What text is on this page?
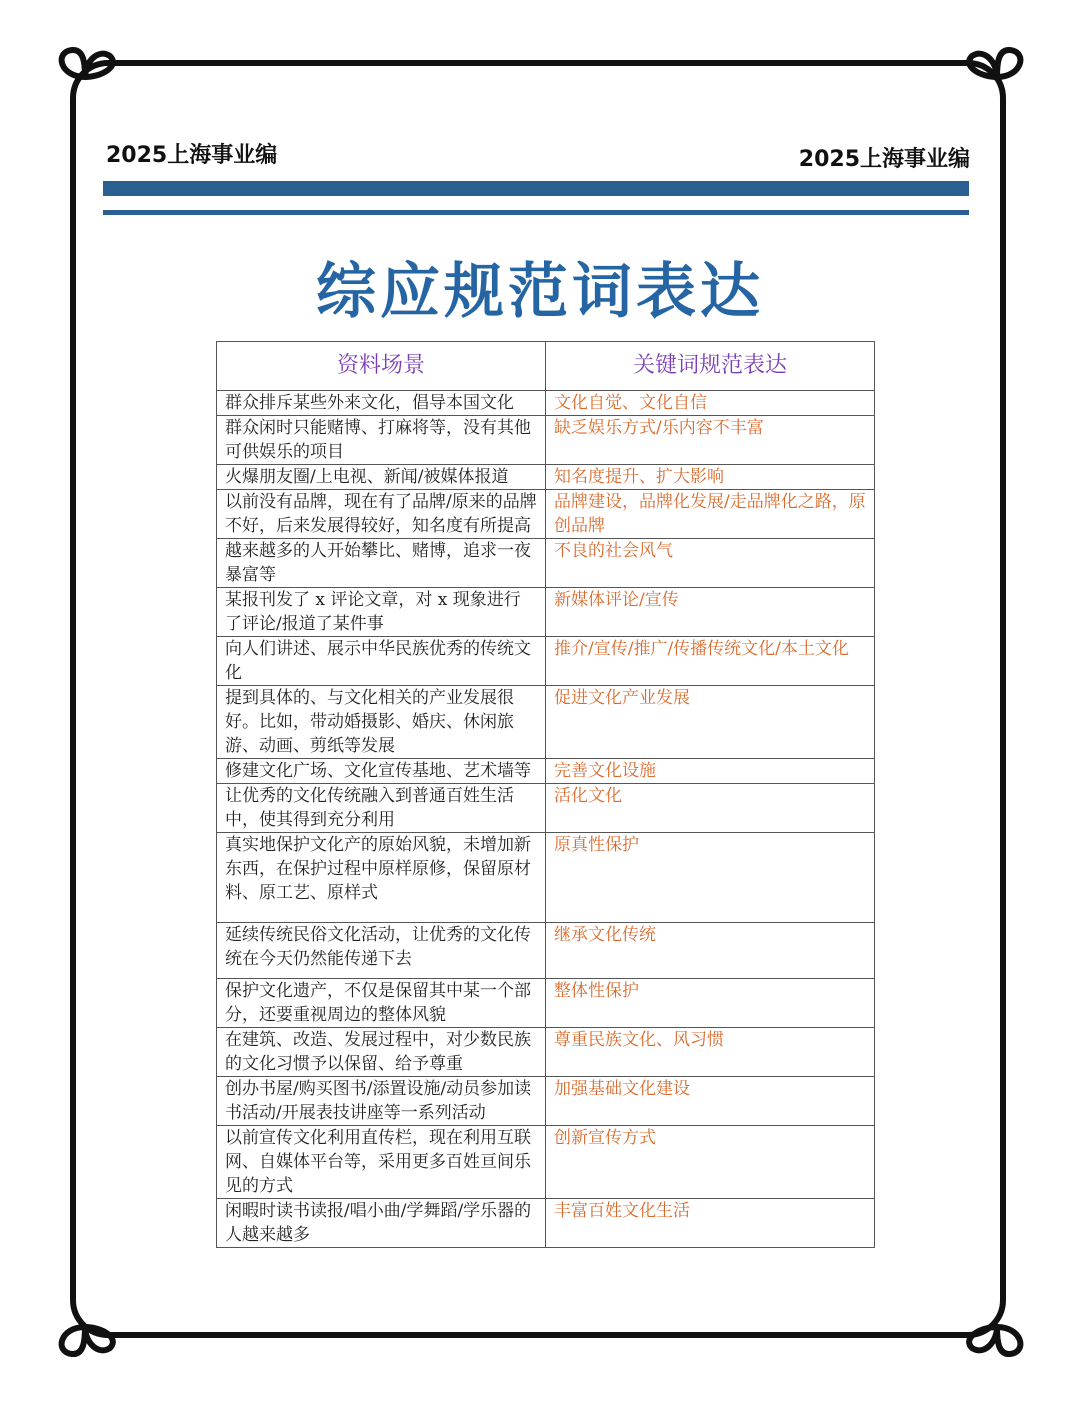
2025上海事业编	2025上海事业编
综应规范词表达
资料场景	关键词规范表达
群众排斥某些外来文化，倡导本国文化	文化自觉、文化自信
群众闲时只能赌博、打麻将等，没有其他可供娱乐的项目	缺乏娱乐方式/乐内容不丰富
火爆朋友圈/上电视、新闻/被媒体报道	知名度提升、扩大影响
以前没有品牌，现在有了品牌/原来的品牌不好，后来发展得较好，知名度有所提高	品牌建设，品牌化发展/走品牌化之路，原创品牌
越来越多的人开始攀比、赌博，追求一夜暴富等	不良的社会风气
某报刊发了 x 评论文章，对 x 现象进行了评论/报道了某件事	新媒体评论/宣传
向人们讲述、展示中华民族优秀的传统文化	推介/宣传/推广/传播传统文化/本土文化
提到具体的、与文化相关的产业发展很好。比如，带动婚摄影、婚庆、休闲旅游、动画、剪纸等发展	促进文化产业发展
修建文化广场、文化宣传基地、艺术墙等	完善文化设施
让优秀的文化传统融入到普通百姓生活中，使其得到充分利用	活化文化
真实地保护文化产的原始风貌，未增加新东西，在保护过程中原样原修，保留原材料、原工艺、原样式	原真性保护
延续传统民俗文化活动，让优秀的文化传统在今天仍然能传递下去	继承文化传统
保护文化遗产，不仅是保留其中某一个部分，还要重视周边的整体风貌	整体性保护
在建筑、改造、发展过程中，对少数民族的文化习惯予以保留、给予尊重	尊重民族文化、风习惯
创办书屋/购买图书/添置设施/动员参加读书活动/开展表技讲座等一系列活动	加强基础文化建设
以前宣传文化利用直传栏，现在利用互联网、自媒体平台等，采用更多百姓亘间乐见的方式	创新宣传方式
闲暇时读书读报/唱小曲/学舞蹈/学乐器的人越来越多	丰富百姓文化生活
